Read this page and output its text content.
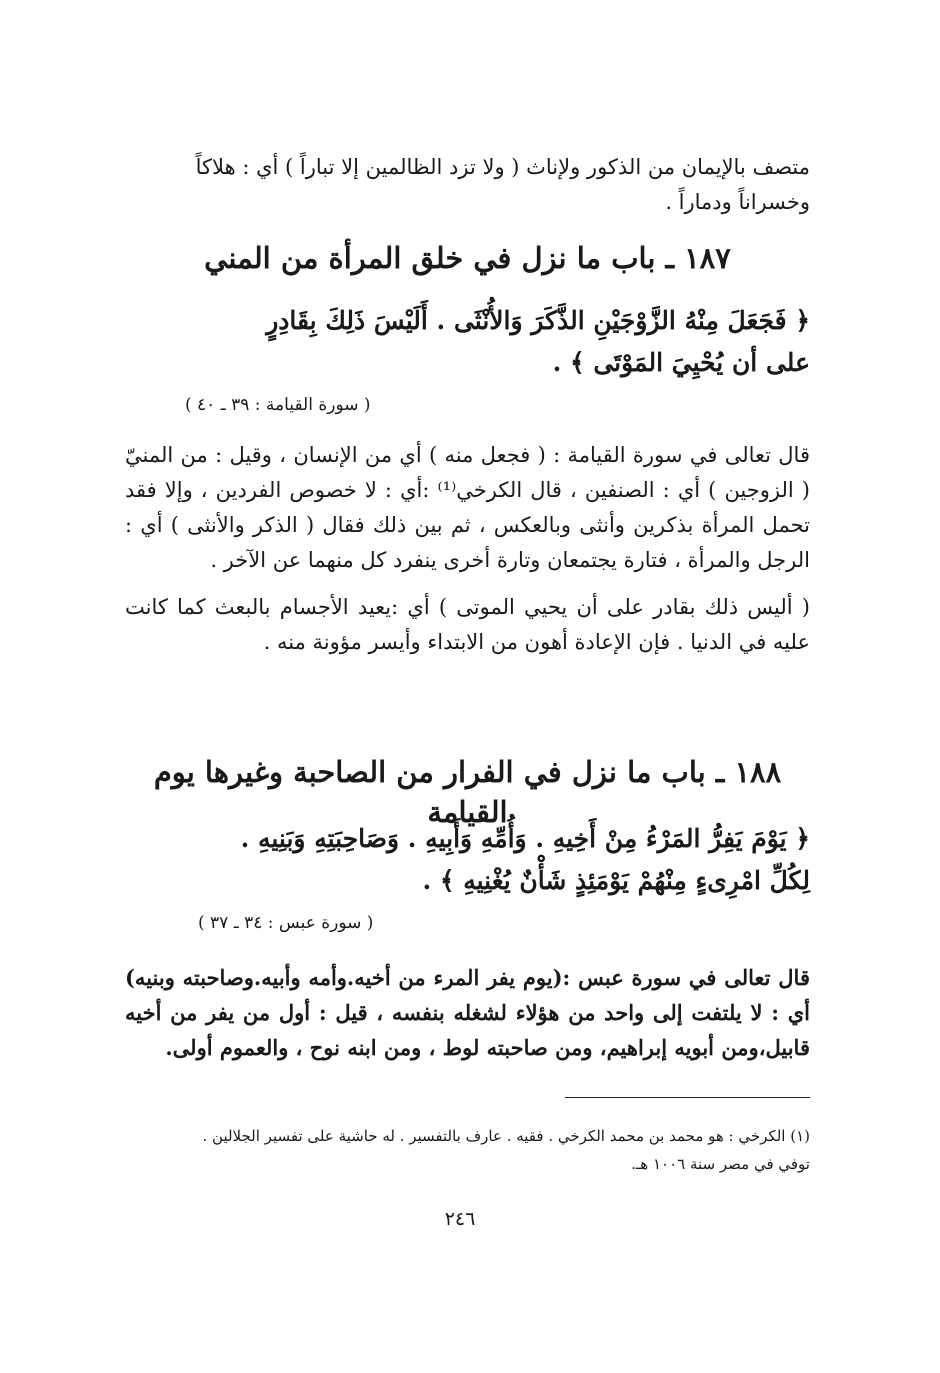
متصف بالإيمان من الذكور ولإناث ( ولا تزد الظالمين إلا تباراً ) أي : هلاكاً

وخسراناً ودماراً .

١٨٧ ـ باب ما نزل في خلق المرأة من المني
﴿ فَجَعَلَ مِنْهُ الزَّوْجَيْنِ الذَّكَرَ وَالأُنْثَى . أَلَيْسَ ذَلِكَ بِقَادِرٍ
على أن يُحْيِيَ المَوْتَى ﴾ .
( سورة القيامة : ٣٩ ـ ٤٠ )

قال تعالى في سورة القيامة : ( فجعل منه ) أي من الإنسان ، وقيل : من المنيّ ( الزوجين ) أي : الصنفين ، قال الكرخي⁽¹⁾ :أي : لا خصوص الفردين ، وإلا فقد تحمل المرأة بذكرين وأنثى وبالعكس ، ثم بين ذلك فقال ( الذكر والأنثى ) أي : الرجل والمرأة ، فتارة يجتمعان وتارة أخرى ينفرد كل منهما عن الآخر .

( أليس ذلك بقادر على أن يحيي الموتى ) أي :يعيد الأجسام بالبعث كما كانت عليه في الدنيا . فإن الإعادة أهون من الابتداء وأيسر مؤونة منه .

١٨٨ ـ باب ما نزل في الفرار من الصاحبة وغيرها يوم القيامة
﴿ يَوْمَ يَفِرُّ المَرْءُ مِنْ أَخِيهِ . وَأُمِّهِ وَأَبِيهِ . وَصَاحِبَتِهِ وَبَنِيهِ .
لِكُلِّ امْرِىءٍ مِنْهُمْ يَوْمَئِذٍ شَأْنٌ يُغْنِيهِ ﴾ .
( سورة عبس : ٣٤ ـ ٣٧ )

قال تعالى في سورة عبس :(يوم يفر المرء من أخيه.وأمه وأبيه.وصاحبته وبنيه) أي : لا يلتفت إلى واحد من هؤلاء لشغله بنفسه ، قيل : أول من يفر من أخيه قابيل،ومن أبويه إبراهيم، ومن صاحبته لوط ، ومن ابنه نوح ، والعموم أولى.

(١) الكرخي : هو محمد بن محمد الكرخي . فقيه . عارف بالتفسير . له حاشية على تفسير الجلالين .
توفي في مصر سنة ١٠٠٦ هـ.
٢٤٦
